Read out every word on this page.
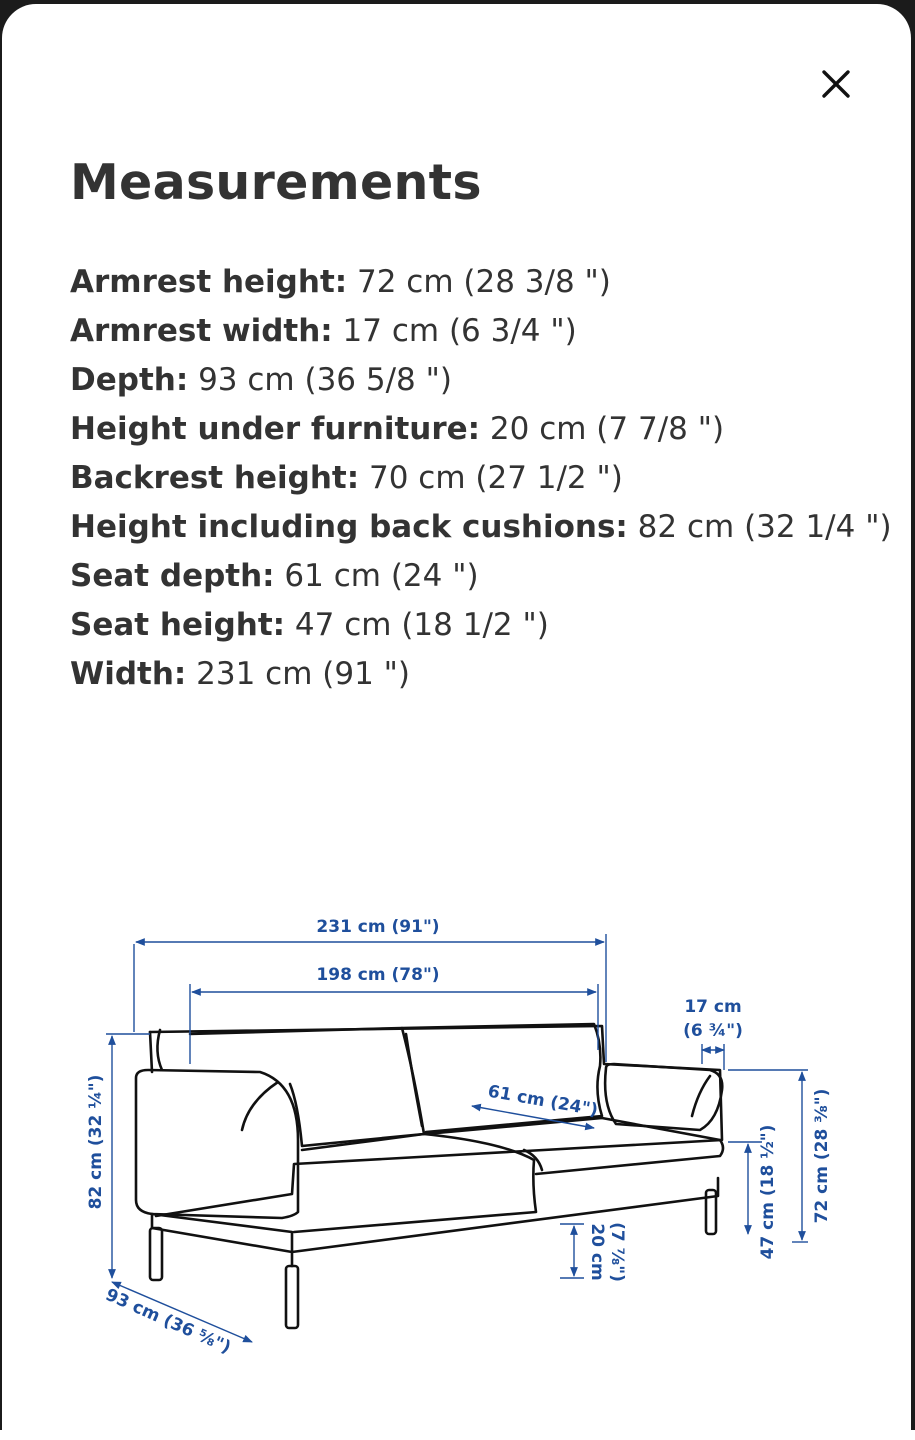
Measurements
Armrest height: 72 cm (28 3/8 ")
Armrest width: 17 cm (6 3/4 ")
Depth: 93 cm (36 5/8 ")
Height under furniture: 20 cm (7 7/8 ")
Backrest height: 70 cm (27 1/2 ")
Height including back cushions: 82 cm (32 1/4 ")
Seat depth: 61 cm (24 ")
Seat height: 47 cm (18 1/2 ")
Width: 231 cm (91 ")
231 cm (91")
198 cm (78")
17 cm
(6 ¾")
61 cm (24")
82 cm (32 ¼")
93 cm (36 ⅝")
20 cm (7 ⅞")	47 cm (18 ½") 72 cm (28 ⅜")
